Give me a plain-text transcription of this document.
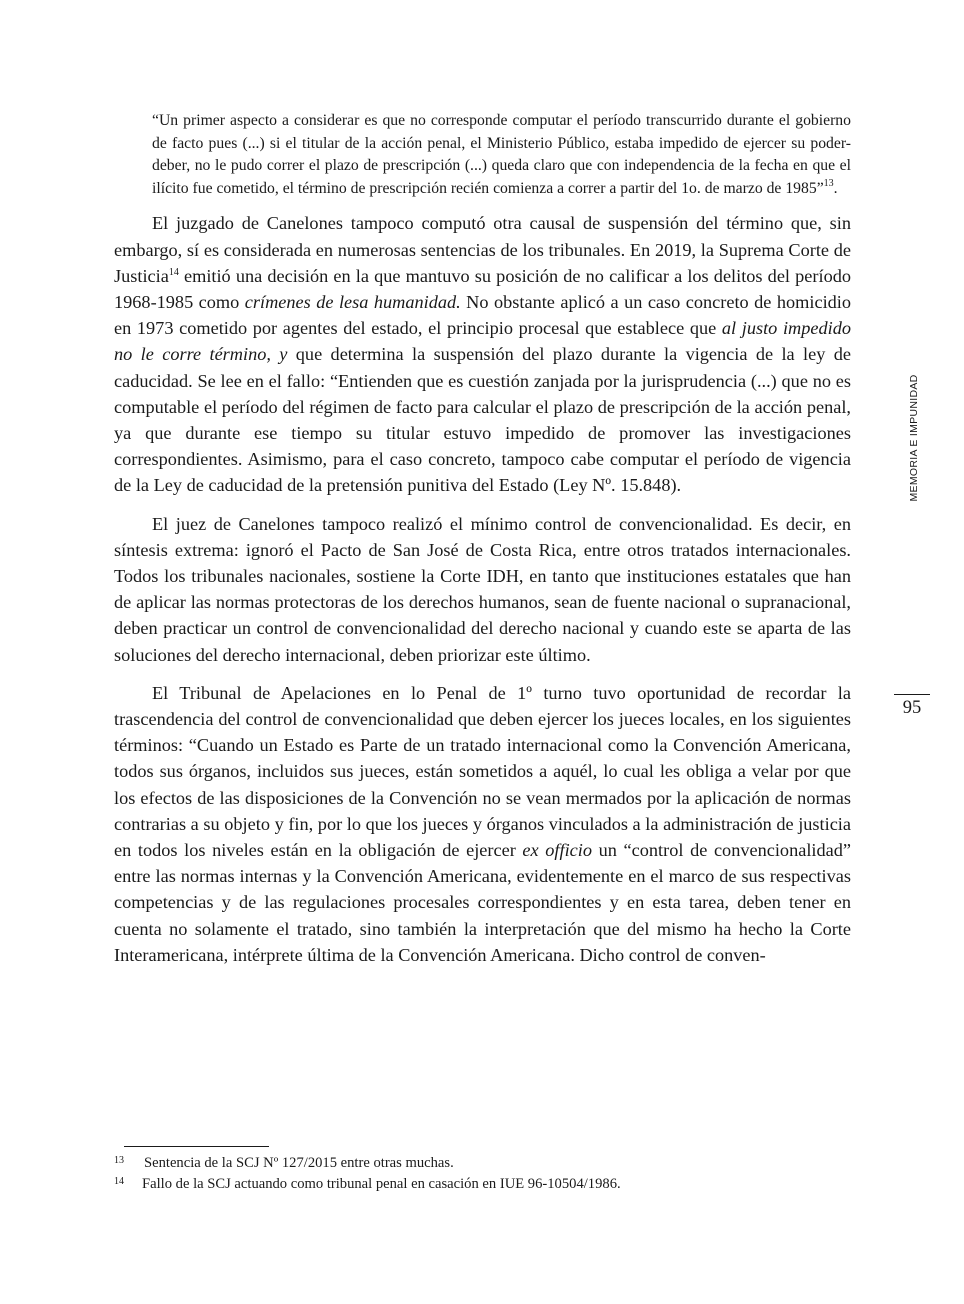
“Un primer aspecto a considerar es que no corresponde computar el período transcurrido durante el gobierno de facto pues (...) si el titular de la acción penal, el Ministerio Público, estaba impedido de ejercer su poder-deber, no le pudo correr el plazo de prescripción (...) queda claro que con independencia de la fecha en que el ilícito fue cometido, el término de prescripción recién comienza a correr a partir del 1o. de marzo de 1985”$^{13}$.

El juzgado de Canelones tampoco computó otra causal de suspensión del término que, sin embargo, sí es considerada en numerosas sentencias de los tribunales. En 2019, la Suprema Corte de Justicia$^{14}$ emitió una decisión en la que mantuvo su posición de no calificar a los delitos del período 1968-1985 como crímenes de lesa humanidad. No obstante aplicó a un caso concreto de homicidio en 1973 cometido por agentes del estado, el principio procesal que establece que al justo impedido no le corre término, y que determina la suspensión del plazo durante la vigencia de la ley de caducidad. Se lee en el fallo: “Entienden que es cuestión zanjada por la jurisprudencia (...) que no es computable el período del régimen de facto para calcular el plazo de prescripción de la acción penal, ya que durante ese tiempo su titular estuvo impedido de promover las investigaciones correspondientes. Asimismo, para el caso concreto, tampoco cabe computar el período de vigencia de la Ley de caducidad de la pretensión punitiva del Estado (Ley Nº. 15.848).

El juez de Canelones tampoco realizó el mínimo control de convencionalidad. Es decir, en síntesis extrema: ignoró el Pacto de San José de Costa Rica, entre otros tratados internacionales. Todos los tribunales nacionales, sostiene la Corte IDH, en tanto que instituciones estatales que han de aplicar las normas protectoras de los derechos humanos, sean de fuente nacional o supranacional, deben practicar un control de convencionalidad del derecho nacional y cuando este se aparta de las soluciones del derecho internacional, deben priorizar este último.

El Tribunal de Apelaciones en lo Penal de 1º turno tuvo oportunidad de recordar la trascendencia del control de convencionalidad que deben ejercer los jueces locales, en los siguientes términos: “Cuando un Estado es Parte de un tratado internacional como la Convención Americana, todos sus órganos, incluidos sus jueces, están sometidos a aquél, lo cual les obliga a velar por que los efectos de las disposiciones de la Convención no se vean mermados por la aplicación de normas contrarias a su objeto y fin, por lo que los jueces y órganos vinculados a la administración de justicia en todos los niveles están en la obligación de ejercer ex officio un “control de convencionalidad” entre las normas internas y la Convención Americana, evidentemente en el marco de sus respectivas competencias y de las regulaciones procesales correspondientes y en esta tarea, deben tener en cuenta no solamente el tratado, sino también la interpretación que del mismo ha hecho la Corte Interamericana, intérprete última de la Convención Americana. Dicho control de conven-

MEMORIA E IMPUNIDAD
95
13 Sentencia de la SCJ Nº 127/2015 entre otras muchas.
14 Fallo de la SCJ actuando como tribunal penal en casación en IUE 96-10504/1986.
